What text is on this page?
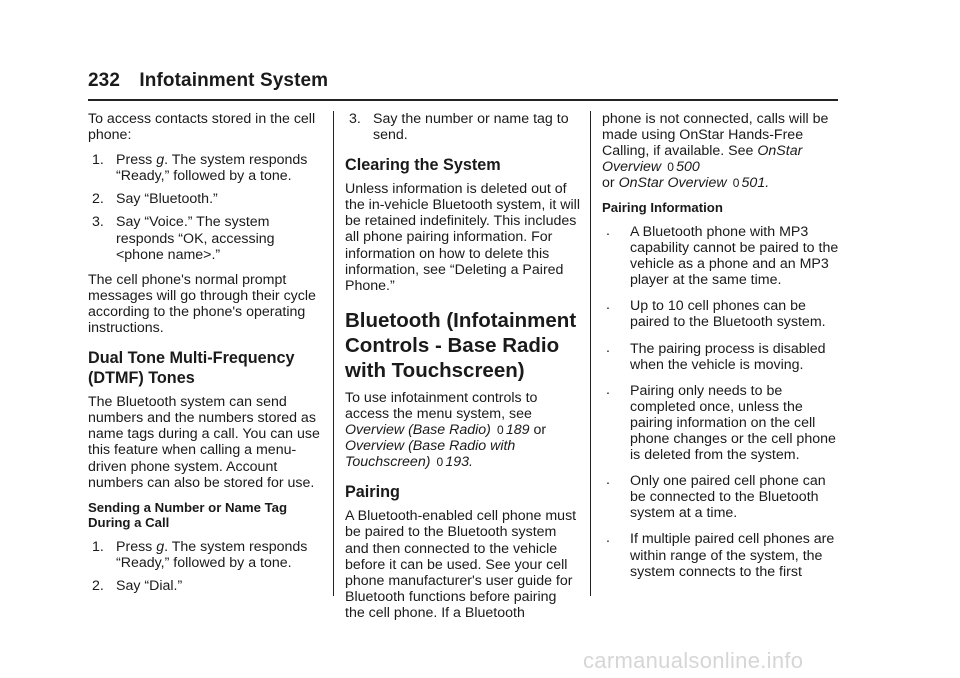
232 Infotainment System

To access contacts stored in the cell phone:

1. Press g. The system responds “Ready,” followed by a tone.
2. Say “Bluetooth.”
3. Say “Voice.” The system responds “OK, accessing <phone name>.”

The cell phone's normal prompt messages will go through their cycle according to the phone's operating instructions.

Dual Tone Multi-Frequency (DTMF) Tones

The Bluetooth system can send numbers and the numbers stored as name tags during a call. You can use this feature when calling a menu-driven phone system. Account numbers can also be stored for use.

Sending a Number or Name Tag During a Call
1. Press g. The system responds “Ready,” followed by a tone.
2. Say “Dial.”
3. Say the number or name tag to send.
Clearing the System

Unless information is deleted out of the in-vehicle Bluetooth system, it will be retained indefinitely. This includes all phone pairing information. For information on how to delete this information, see “Deleting a Paired Phone.”

Bluetooth (Infotainment Controls - Base Radio with Touchscreen)

To use infotainment controls to access the menu system, see Overview (Base Radio) 0 189 or Overview (Base Radio with Touchscreen) 0 193.

Pairing

A Bluetooth-enabled cell phone must be paired to the Bluetooth system and then connected to the vehicle before it can be used. See your cell phone manufacturer's user guide for Bluetooth functions before pairing the cell phone. If a Bluetooth

phone is not connected, calls will be made using OnStar Hands-Free Calling, if available. See OnStar Overview 0 500
or OnStar Overview 0 501.

Pairing Information
. A Bluetooth phone with MP3 capability cannot be paired to the vehicle as a phone and an MP3 player at the same time.
. Up to 10 cell phones can be paired to the Bluetooth system.
. The pairing process is disabled when the vehicle is moving.
. Pairing only needs to be completed once, unless the pairing information on the cell phone changes or the cell phone is deleted from the system.
. Only one paired cell phone can be connected to the Bluetooth system at a time.
. If multiple paired cell phones are within range of the system, the system connects to the first
carmanualsonline.info
